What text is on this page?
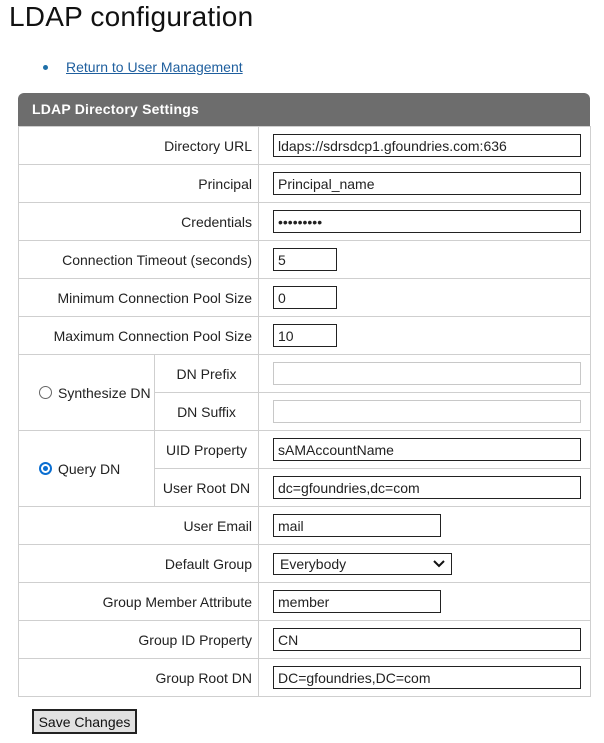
LDAP configuration
Return to User Management
LDAP Directory Settings
Directory URL	ldaps://sdrsdcp1.gfoundries.com:636
Principal	Principal_name
Credentials	•••••••••
Connection Timeout (seconds)	5
Minimum Connection Pool Size	0
Maximum Connection Pool Size	10
Synthesize DN	DN Prefix	
	DN Suffix	
Query DN	UID Property	sAMAccountName
	User Root DN	dc=gfoundries,dc=com
User Email	mail
Default Group		Everybody

Group Member Attribute	member
Group ID Property	CN
Group Root DN	DC=gfoundries,DC=com
Save Changes
